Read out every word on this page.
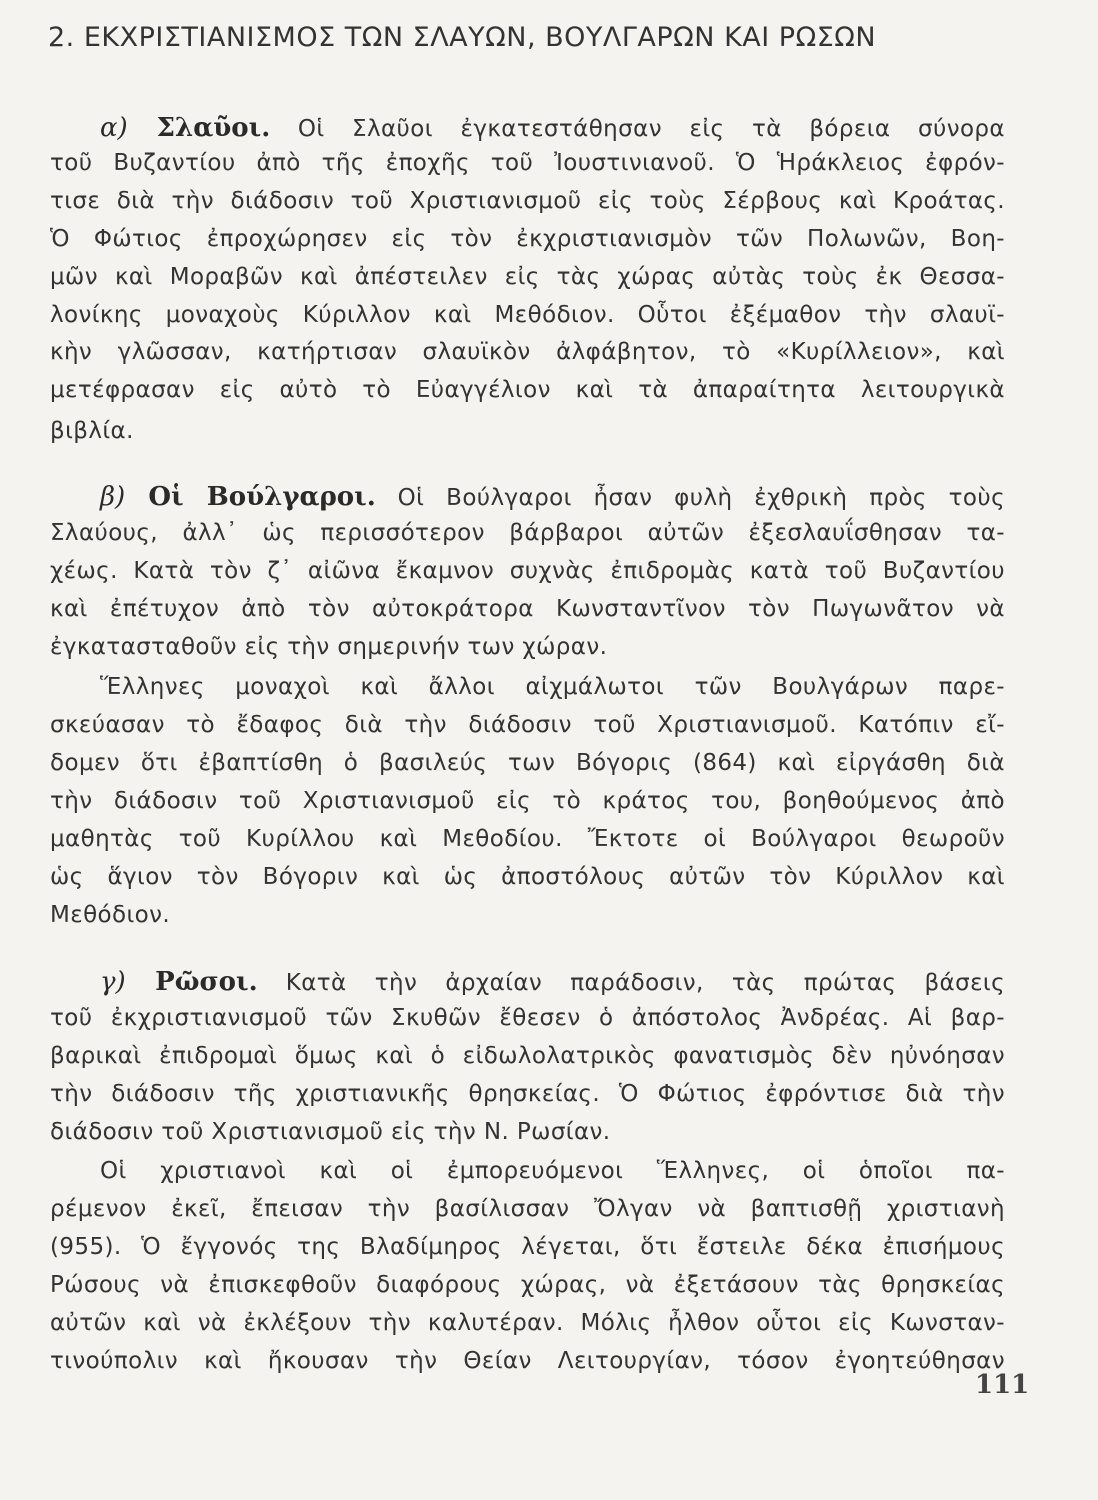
2. ΕΚΧΡΙΣΤΙΑΝΙΣΜΟΣ ΤΩΝ ΣΛΑΥΩΝ, ΒΟΥΛΓΑΡΩΝ ΚΑΙ ΡΩΣΩΝ
α) Σλαῦοι. Οἱ Σλαῦοι ἐγκατεστάθησαν εἰς τὰ βόρεια σύνορα
τοῦ Βυζαντίου ἀπὸ τῆς ἐποχῆς τοῦ Ἰουστινιανοῦ. Ὁ Ἡράκλειος ἐφρόν-
τισε διὰ τὴν διάδοσιν τοῦ Χριστιανισμοῦ εἰς τοὺς Σέρβους καὶ Κροάτας.
Ὁ Φώτιος ἐπροχώρησεν εἰς τὸν ἐκχριστιανισμὸν τῶν Πολωνῶν, Βοη-
μῶν καὶ Μοραβῶν καὶ ἀπέστειλεν εἰς τὰς χώρας αὐτὰς τοὺς ἐκ Θεσσα-
λονίκης μοναχοὺς Κύριλλον καὶ Μεθόδιον. Οὗτοι ἐξέμαθον τὴν σλαυϊ-
κὴν γλῶσσαν, κατήρτισαν σλαυϊκὸν ἀλφάβητον, τὸ «Κυρίλλειον», καὶ
μετέφρασαν εἰς αὐτὸ τὸ Εὐαγγέλιον καὶ τὰ ἀπαραίτητα λειτουργικὰ
βιβλία.
β) Οἱ Βούλγαροι. Οἱ Βούλγαροι ἦσαν φυλὴ ἐχθρικὴ πρὸς τοὺς
Σλαύους, ἀλλ᾽ ὡς περισσότερον βάρβαροι αὐτῶν ἐξεσλαυΐσθησαν τα-
χέως. Κατὰ τὸν ζ᾽ αἰῶνα ἔκαμνον συχνὰς ἐπιδρομὰς κατὰ τοῦ Βυζαντίου
καὶ ἐπέτυχον ἀπὸ τὸν αὐτοκράτορα Κωνσταντῖνον τὸν Πωγωνᾶτον νὰ
ἐγκατασταθοῦν εἰς τὴν σημερινήν των χώραν.
Ἕλληνες μοναχοὶ καὶ ἄλλοι αἰχμάλωτοι τῶν Βουλγάρων παρε-
σκεύασαν τὸ ἔδαφος διὰ τὴν διάδοσιν τοῦ Χριστιανισμοῦ. Κατόπιν εἴ-
δομεν ὅτι ἐβαπτίσθη ὁ βασιλεύς των Βόγορις (864) καὶ εἰργάσθη διὰ
τὴν διάδοσιν τοῦ Χριστιανισμοῦ εἰς τὸ κράτος του, βοηθούμενος ἀπὸ
μαθητὰς τοῦ Κυρίλλου καὶ Μεθοδίου. Ἔκτοτε οἱ Βούλγαροι θεωροῦν
ὡς ἅγιον τὸν Βόγοριν καὶ ὡς ἀποστόλους αὐτῶν τὸν Κύριλλον καὶ
Μεθόδιον.
γ) Ρῶσοι. Κατὰ τὴν ἀρχαίαν παράδοσιν, τὰς πρώτας βάσεις
τοῦ ἐκχριστιανισμοῦ τῶν Σκυθῶν ἔθεσεν ὁ ἀπόστολος Ἀνδρέας. Αἱ βαρ-
βαρικαὶ ἐπιδρομαὶ ὅμως καὶ ὁ εἰδωλολατρικὸς φανατισμὸς δὲν ηὐνόησαν
τὴν διάδοσιν τῆς χριστιανικῆς θρησκείας. Ὁ Φώτιος ἐφρόντισε διὰ τὴν
διάδοσιν τοῦ Χριστιανισμοῦ εἰς τὴν Ν. Ρωσίαν.
Οἱ χριστιανοὶ καὶ οἱ ἐμπορευόμενοι Ἕλληνες, οἱ ὁποῖοι πα-
ρέμενον ἐκεῖ, ἔπεισαν τὴν βασίλισσαν Ὄλγαν νὰ βαπτισθῇ χριστιανὴ
(955). Ὁ ἔγγονός της Βλαδίμηρος λέγεται, ὅτι ἔστειλε δέκα ἐπισήμους
Ρώσους νὰ ἐπισκεφθοῦν διαφόρους χώρας, νὰ ἐξετάσουν τὰς θρησκείας
αὐτῶν καὶ νὰ ἐκλέξουν τὴν καλυτέραν. Μόλις ἦλθον οὗτοι εἰς Κωνσταν-
τινούπολιν καὶ ἤκουσαν τὴν Θείαν Λειτουργίαν, τόσον ἐγοητεύθησαν
111
